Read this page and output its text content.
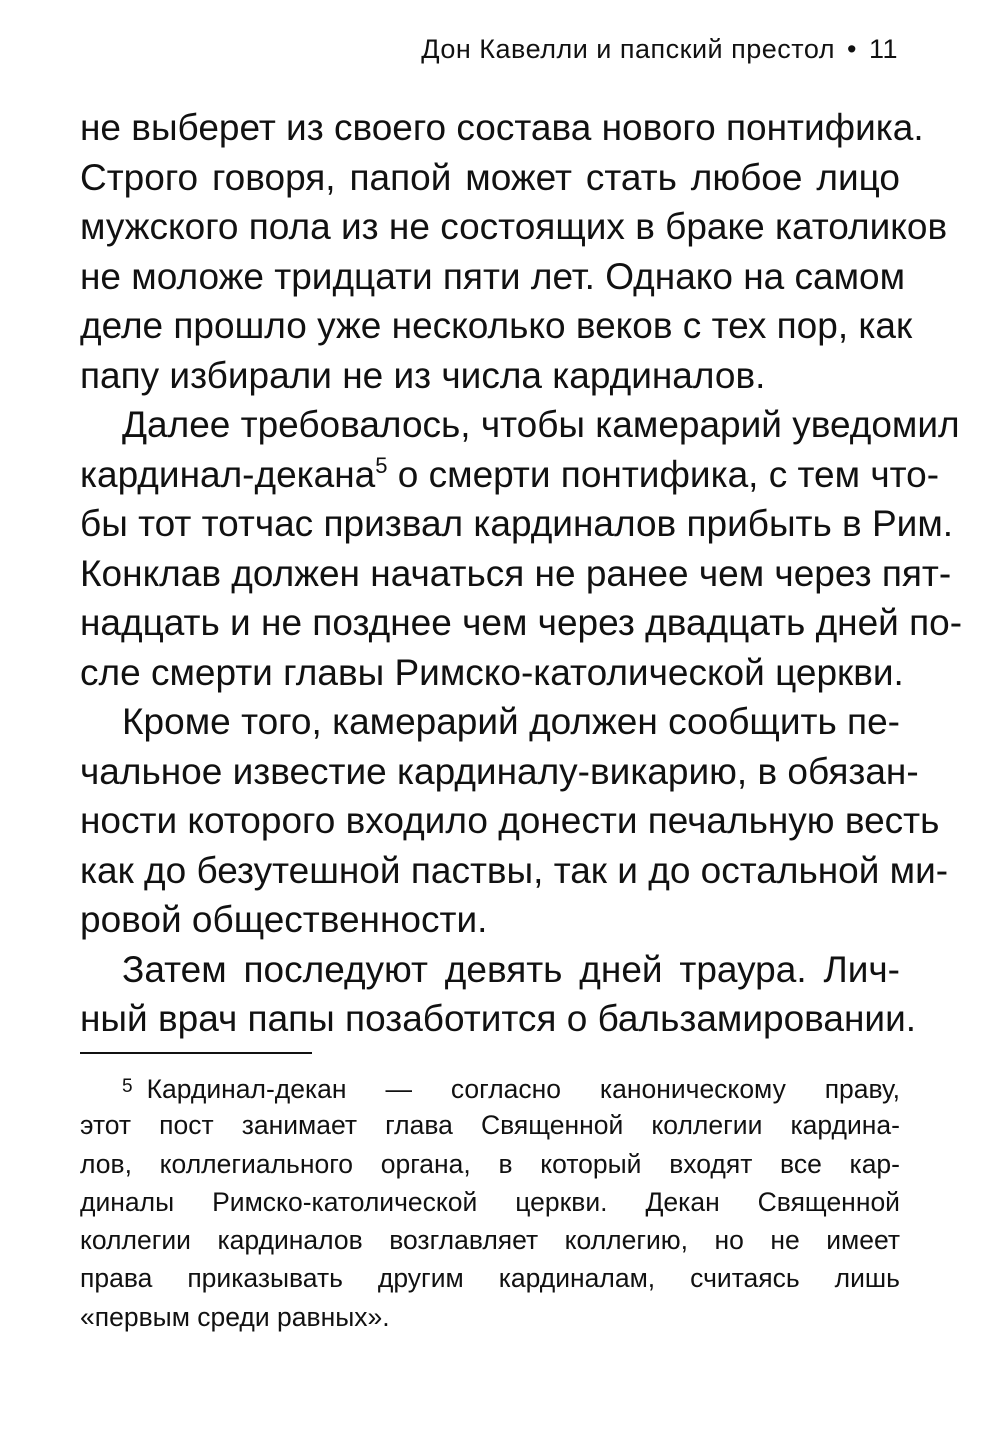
Дон Кавелли и папский престол • 11
не выберет из своего состава нового понтифика.
Строго говоря, папой может стать любое лицо
мужского пола из не состоящих в браке католиков
не моложе тридцати пяти лет. Однако на самом
деле прошло уже несколько веков с тех пор, как
папу избирали не из числа кардиналов.
Далее требовалось, чтобы камерарий уведомил
кардинал-декана$^5$ о смерти понтифика, с тем что-
бы тот тотчас призвал кардиналов прибыть в Рим.
Конклав должен начаться не ранее чем через пят-
надцать и не позднее чем через двадцать дней по-
сле смерти главы Римско-католической церкви.
Кроме того, камерарий должен сообщить пе-
чальное известие кардиналу-викарию, в обязан-
ности которого входило донести печальную весть
как до безутешной паствы, так и до остальной ми-
ровой общественности.
Затем последуют девять дней траура. Лич-
ный врач папы позаботится о бальзамировании.
$^5$ Кардинал-декан — согласно каноническому праву,
этот пост занимает глава Священной коллегии кардина-
лов, коллегиального органа, в который входят все кар-
диналы Римско-католической церкви. Декан Священной
коллегии кардиналов возглавляет коллегию, но не имеет
права приказывать другим кардиналам, считаясь лишь
«первым среди равных».
